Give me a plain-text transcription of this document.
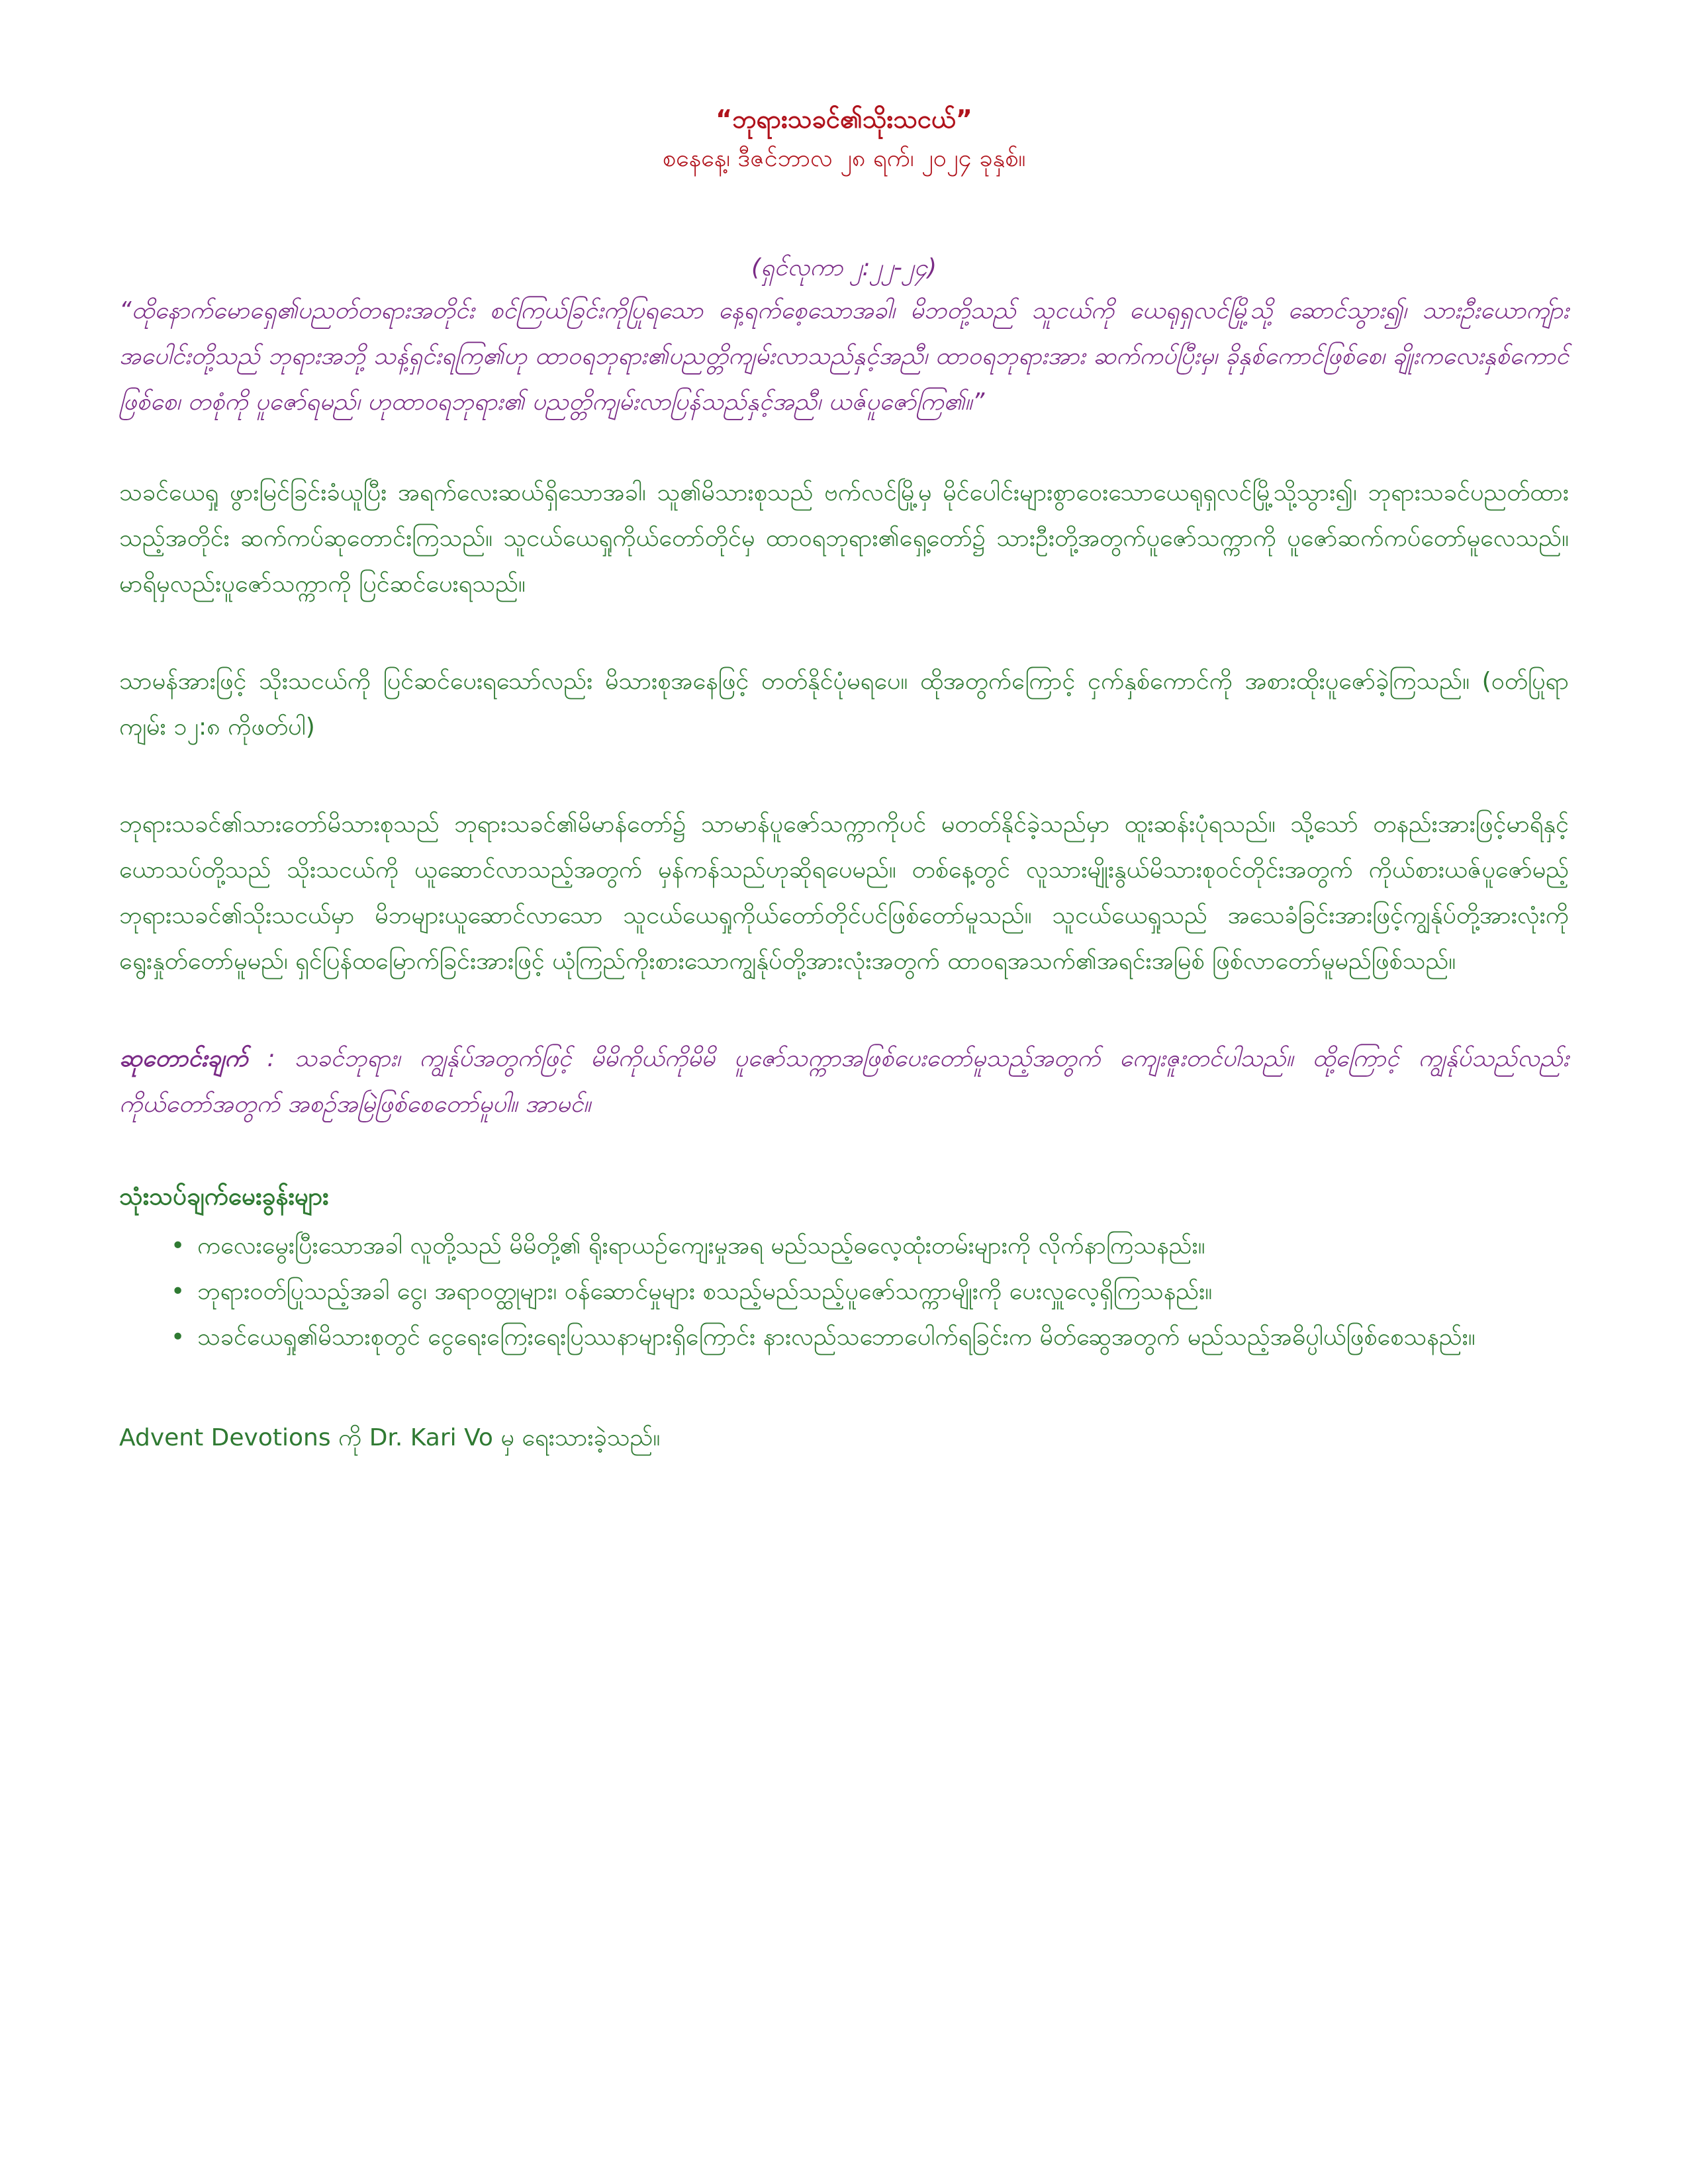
“ဘုရားသခင်၏သိုးသငယ်”
စနေနေ့၊ ဒီဇင်ဘာလ ၂၈ ရက်၊ ၂၀၂၄ ခုနှစ်။
(ရှင်လုကာ ၂:၂၂-၂၄)
“ထိုနောက်မောရှေ၏ပညတ်တရားအတိုင်း စင်ကြယ်ခြင်းကိုပြုရသော နေ့ရက်စေ့သောအခါ၊ မိဘတို့သည် သူငယ်ကို ယေရုရှလင်မြို့သို့ ဆောင်သွား၍၊ သားဦးယောကျ်ားအပေါင်းတို့သည် ဘုရားအဘို့ သန့်ရှင်းရကြ၏ဟု ထာဝရဘုရား၏ပညတ္တိကျမ်းလာသည်နှင့်အညီ၊ ထာဝရဘုရားအား ဆက်ကပ်ပြီးမှ၊ ခိုနှစ်ကောင်ဖြစ်စေ၊ ချိုးကလေးနှစ်ကောင်ဖြစ်စေ၊ တစုံကို ပူဇော်ရမည်၊ ဟုထာဝရဘုရား၏ ပညတ္တိကျမ်းလာပြန်သည်နှင့်အညီ၊ ယဇ်ပူဇော်ကြ၏။”

သခင်ယေရှု ဖွားမြင်ခြင်းခံယူပြီး အရက်လေးဆယ်ရှိသောအခါ၊ သူ၏မိသားစုသည် ဗက်လင်မြို့မှ မိုင်ပေါင်းများစွာဝေးသောယေရုရှလင်မြို့သို့သွား၍၊ ဘုရားသခင်ပညတ်ထားသည့်အတိုင်း ဆက်ကပ်ဆုတောင်းကြသည်။ သူငယ်ယေရှုကိုယ်တော်တိုင်မှ ထာဝရဘုရား၏ရှေ့တော်၌ သားဦးတို့အတွက်ပူဇော်သက္ကာကို ပူဇော်ဆက်ကပ်တော်မူလေသည်။ မာရိမှလည်းပူဇော်သက္ကာကို ပြင်ဆင်ပေးရသည်။

သာမန်အားဖြင့် သိုးသငယ်ကို ပြင်ဆင်ပေးရသော်လည်း မိသားစုအနေဖြင့် တတ်နိုင်ပုံမရပေ။ ထိုအတွက်ကြောင့် ငှက်နှစ်ကောင်ကို အစားထိုးပူဇော်ခဲ့ကြသည်။ (ဝတ်ပြုရာကျမ်း ၁၂:၈ ကိုဖတ်ပါ)

ဘုရားသခင်၏သားတော်မိသားစုသည် ဘုရားသခင်၏မိမာန်တော်၌ သာမာန်ပူဇော်သက္ကာကိုပင် မတတ်နိုင်ခဲ့သည်မှာ ထူးဆန်းပုံရသည်။ သို့သော် တနည်းအားဖြင့်မာရိနှင့် ယောသပ်တို့သည် သိုးသငယ်ကို ယူဆောင်လာသည့်အတွက် မှန်ကန်သည်ဟုဆိုရပေမည်။ တစ်နေ့တွင် လူသားမျိုးနွယ်မိသားစုဝင်တိုင်းအတွက် ကိုယ်စားယဇ်ပူဇော်မည့် ဘုရားသခင်၏သိုးသငယ်မှာ မိဘများယူဆောင်လာသော သူငယ်ယေရှုကိုယ်တော်တိုင်ပင်ဖြစ်တော်မူသည်။ သူငယ်ယေရှုသည် အသေခံခြင်းအားဖြင့်ကျွန်ုပ်တို့အားလုံးကို ရွေးနှုတ်တော်မူမည်၊ ရှင်ပြန်ထမြောက်ခြင်းအားဖြင့် ယုံကြည်ကိုးစားသောကျွန်ုပ်တို့အားလုံးအတွက် ထာဝရအသက်၏အရင်းအမြစ် ဖြစ်လာတော်မူမည်ဖြစ်သည်။

ဆုတောင်းချက် : သခင်ဘုရား၊ ကျွန်ုပ်အတွက်ဖြင့် မိမိကိုယ်ကိုမိမိ ပူဇော်သက္ကာအဖြစ်ပေးတော်မူသည့်အတွက် ကျေးဇူးတင်ပါသည်။ ထို့ကြောင့် ကျွန်ုပ်သည်လည်း ကိုယ်တော်အတွက် အစဉ်အမြဲဖြစ်စေတော်မူပါ။ အာမင်။
သုံးသပ်ချက်မေးခွန်းများ
• ကလေးမွေးပြီးသောအခါ လူတို့သည် မိမိတို့၏ ရိုးရာယဉ်ကျေးမှုအရ မည်သည့်ဓလေ့ထုံးတမ်းများကို လိုက်နာကြသနည်း။
• ဘုရားဝတ်ပြုသည့်အခါ ငွေ၊ အရာဝတ္ထုများ၊ ဝန်ဆောင်မှုများ စသည့်မည်သည့်ပူဇော်သက္ကာမျိုးကို ပေးလှူလေ့ရှိကြသနည်း။
• သခင်ယေရှု၏မိသားစုတွင် ငွေရေးကြေးရေးပြဿနာများရှိကြောင်း နားလည်သဘောပေါက်ရခြင်းက မိတ်ဆွေအတွက် မည်သည့်အဓိပ္ပါယ်ဖြစ်စေသနည်း။
Advent Devotions ကို Dr. Kari Vo မှ ရေးသားခဲ့သည်။
